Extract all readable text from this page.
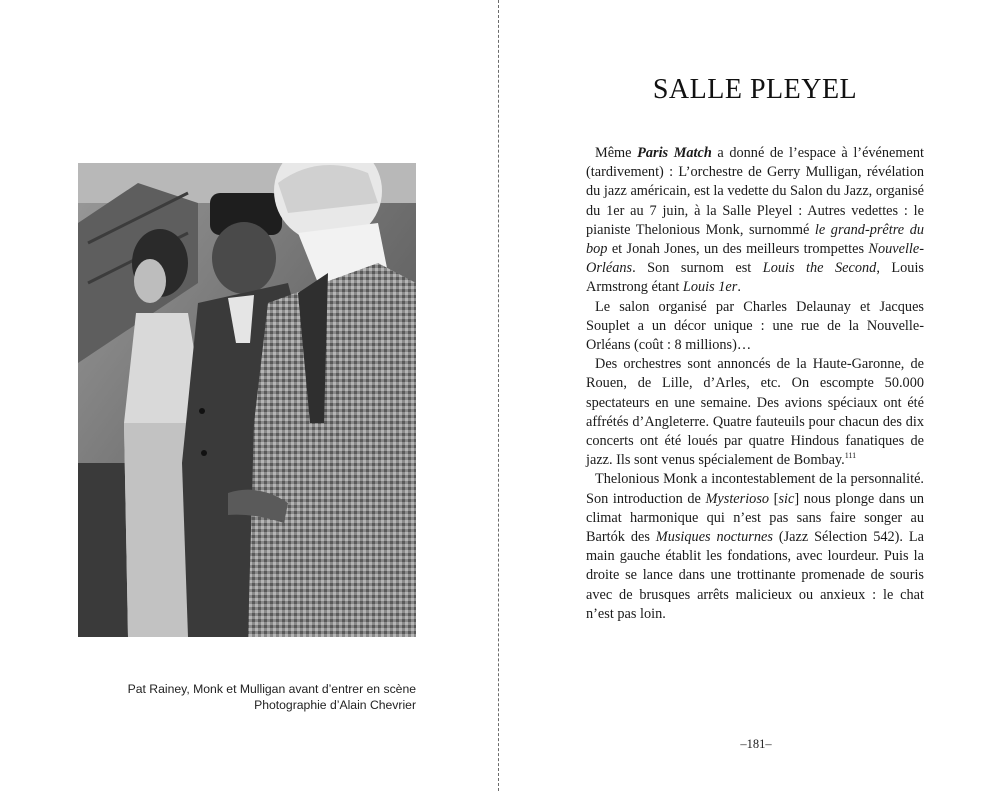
Pat Rainey, Monk et Mulligan avant d’entrer en scène
Photographie d’Alain Chevrier
SALLE PLEYEL

Même Paris Match a donné de l’espace à l’événement (tardivement) : L’orchestre de Gerry Mulligan, révélation du jazz américain, est la vedette du Salon du Jazz, organisé du 1er au 7 juin, à la Salle Pleyel : Autres vedettes : le pianiste Thelonious Monk, surnommé le grand-prêtre du bop et Jonah Jones, un des meilleurs trompettes Nouvelle-Orléans. Son surnom est Louis the Second, Louis Armstrong étant Louis 1er.

Le salon organisé par Charles Delaunay et Jacques Souplet a un décor unique : une rue de la Nouvelle-Orléans (coût : 8 millions)…

Des orchestres sont annoncés de la Haute-Garonne, de Rouen, de Lille, d’Arles, etc. On escompte 50.000 spectateurs en une semaine. Des avions spéciaux ont été affrétés d’Angleterre. Quatre fauteuils pour chacun des dix concerts ont été loués par quatre Hindous fanatiques de jazz. Ils sont venus spécialement de Bombay.$^{111}$

Thelonious Monk a incontestablement de la personnalité. Son introduction de Mysterioso [sic] nous plonge dans un climat harmonique qui n’est pas sans faire songer au Bartók des Musiques nocturnes (Jazz Sélection 542). La main gauche établit les fondations, avec lourdeur. Puis la droite se lance dans une trottinante promenade de souris avec de brusques arrêts malicieux ou anxieux : le chat n’est pas loin.

–181–
